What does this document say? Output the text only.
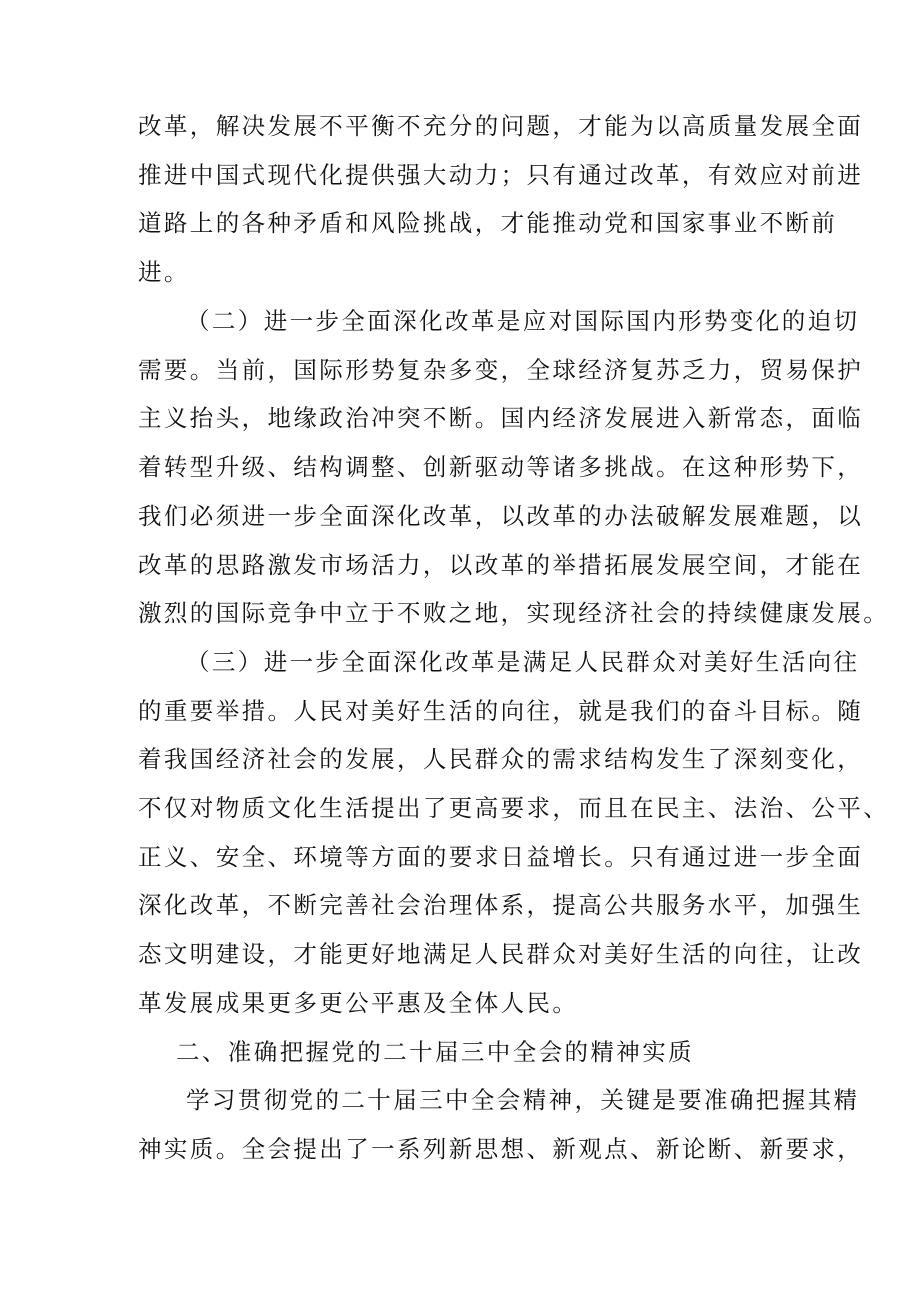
改革，解决发展不平衡不充分的问题，才能为以高质量发展全面
推进中国式现代化提供强大动力；只有通过改革，有效应对前进
道路上的各种矛盾和风险挑战，才能推动党和国家事业不断前
进。
（二）进一步全面深化改革是应对国际国内形势变化的迫切
需要。当前，国际形势复杂多变，全球经济复苏乏力，贸易保护
主义抬头，地缘政治冲突不断。国内经济发展进入新常态，面临
着转型升级、结构调整、创新驱动等诸多挑战。在这种形势下，
我们必须进一步全面深化改革，以改革的办法破解发展难题，以
改革的思路激发市场活力，以改革的举措拓展发展空间，才能在
激烈的国际竞争中立于不败之地，实现经济社会的持续健康发展。
（三）进一步全面深化改革是满足人民群众对美好生活向往
的重要举措。人民对美好生活的向往，就是我们的奋斗目标。随
着我国经济社会的发展，人民群众的需求结构发生了深刻变化，
不仅对物质文化生活提出了更高要求，而且在民主、法治、公平、
正义、安全、环境等方面的要求日益增长。只有通过进一步全面
深化改革，不断完善社会治理体系，提高公共服务水平，加强生
态文明建设，才能更好地满足人民群众对美好生活的向往，让改
革发展成果更多更公平惠及全体人民。
二、准确把握党的二十届三中全会的精神实质
学习贯彻党的二十届三中全会精神，关键是要准确把握其精
神实质。全会提出了一系列新思想、新观点、新论断、新要求，
